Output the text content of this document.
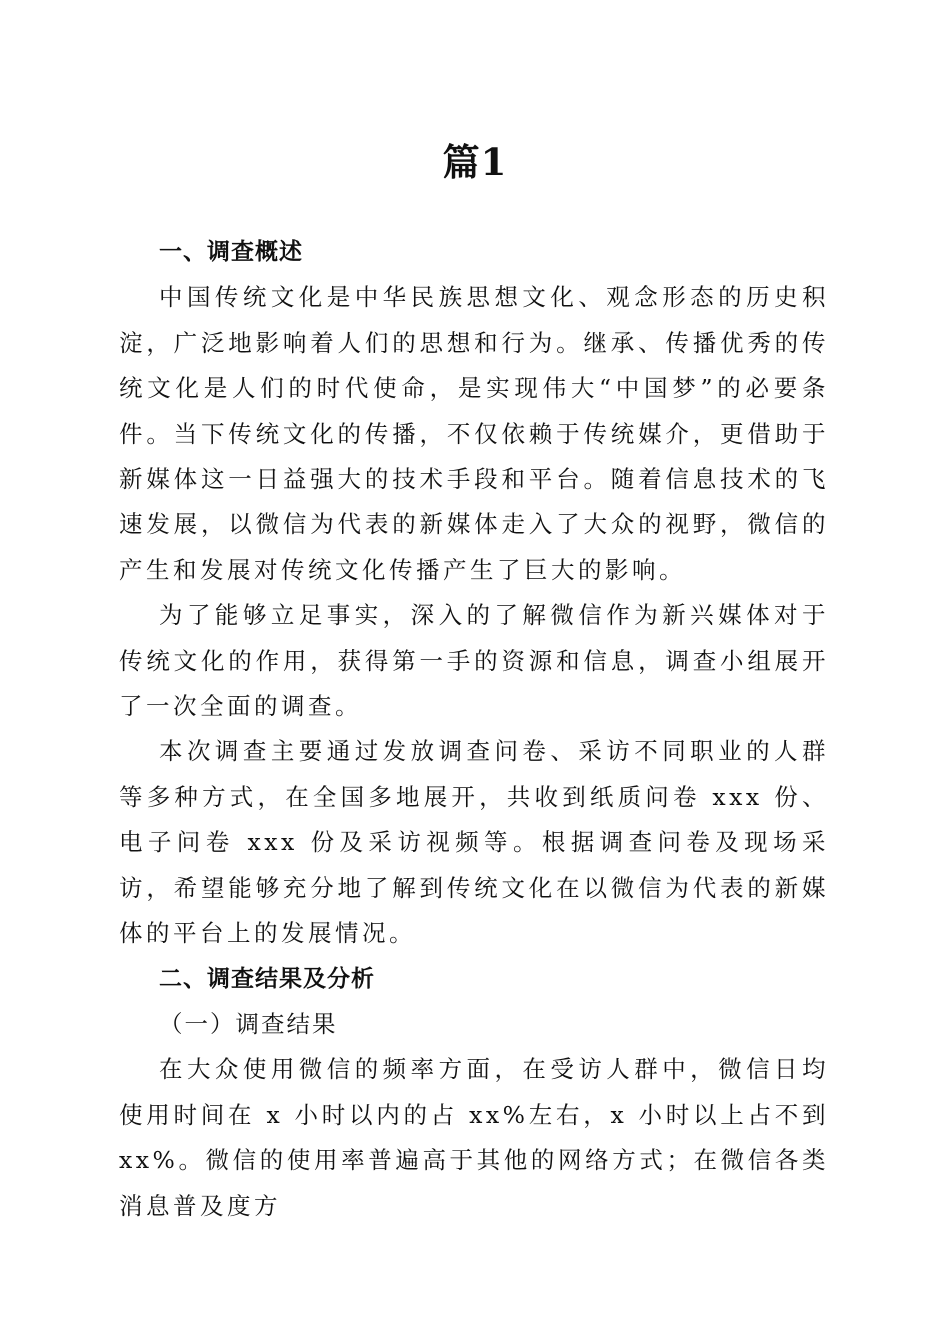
篇1

一、调查概述

中国传统文化是中华民族思想文化、观念形态的历史积淀，广泛地影响着人们的思想和行为。继承、传播优秀的传统文化是人们的时代使命，是实现伟大“中国梦”的必要条件。当下传统文化的传播，不仅依赖于传统媒介，更借助于新媒体这一日益强大的技术手段和平台。随着信息技术的飞速发展，以微信为代表的新媒体走入了大众的视野，微信的产生和发展对传统文化传播产生了巨大的影响。

为了能够立足事实，深入的了解微信作为新兴媒体对于传统文化的作用，获得第一手的资源和信息，调查小组展开了一次全面的调查。

本次调查主要通过发放调查问卷、采访不同职业的人群等多种方式，在全国多地展开，共收到纸质问卷 xxx 份、电子问卷 xxx 份及采访视频等。根据调查问卷及现场采访，希望能够充分地了解到传统文化在以微信为代表的新媒体的平台上的发展情况。

二、调查结果及分析

（一）调查结果

在大众使用微信的频率方面，在受访人群中，微信日均使用时间在 x 小时以内的占 xx%左右，x 小时以上占不到 xx%。微信的使用率普遍高于其他的网络方式；在微信各类消息普及度方
